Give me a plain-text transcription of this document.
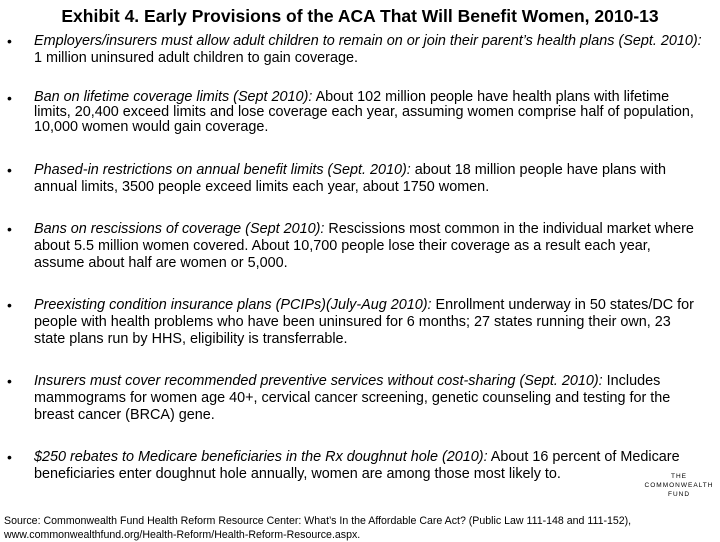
Exhibit 4. Early Provisions of the ACA That Will Benefit Women, 2010-13
• Employers/insurers must allow adult children to remain on or join their parent’s health plans (Sept. 2010): 1 million uninsured adult children to gain coverage.
• Ban on lifetime coverage limits (Sept 2010): About 102 million people have health plans with lifetime limits, 20,400 exceed limits and lose coverage each year, assuming women comprise half of population, 10,000 women would gain coverage.
• Phased-in restrictions on annual benefit limits (Sept. 2010): about 18 million people have plans with annual limits, 3500 people exceed limits each year, about 1750 women.
• Bans on rescissions of coverage (Sept 2010): Rescissions most common in the individual market where about 5.5 million women covered. About 10,700 people lose their coverage as a result each year, assume about half are women or 5,000.
• Preexisting condition insurance plans (PCIPs)(July-Aug 2010): Enrollment underway in 50 states/DC for people with health problems who have been uninsured for 6 months; 27 states running their own, 23 state plans run by HHS, eligibility is transferrable.
• Insurers must cover recommended preventive services without cost-sharing (Sept. 2010): Includes mammograms for women age 40+, cervical cancer screening, genetic counseling and testing for the breast cancer (BRCA) gene.
• $250 rebates to Medicare beneficiaries in the Rx doughnut hole (2010): About 16 percent of Medicare beneficiaries enter doughnut hole annually, women are among those most likely to.	THE
COMMONWEALTH
FUND
Source: Commonwealth Fund Health Reform Resource Center: What’s In the Affordable Care Act? (Public Law 111-148 and 111-152), www.commonwealthfund.org/Health-Reform/Health-Reform-Resource.aspx.
